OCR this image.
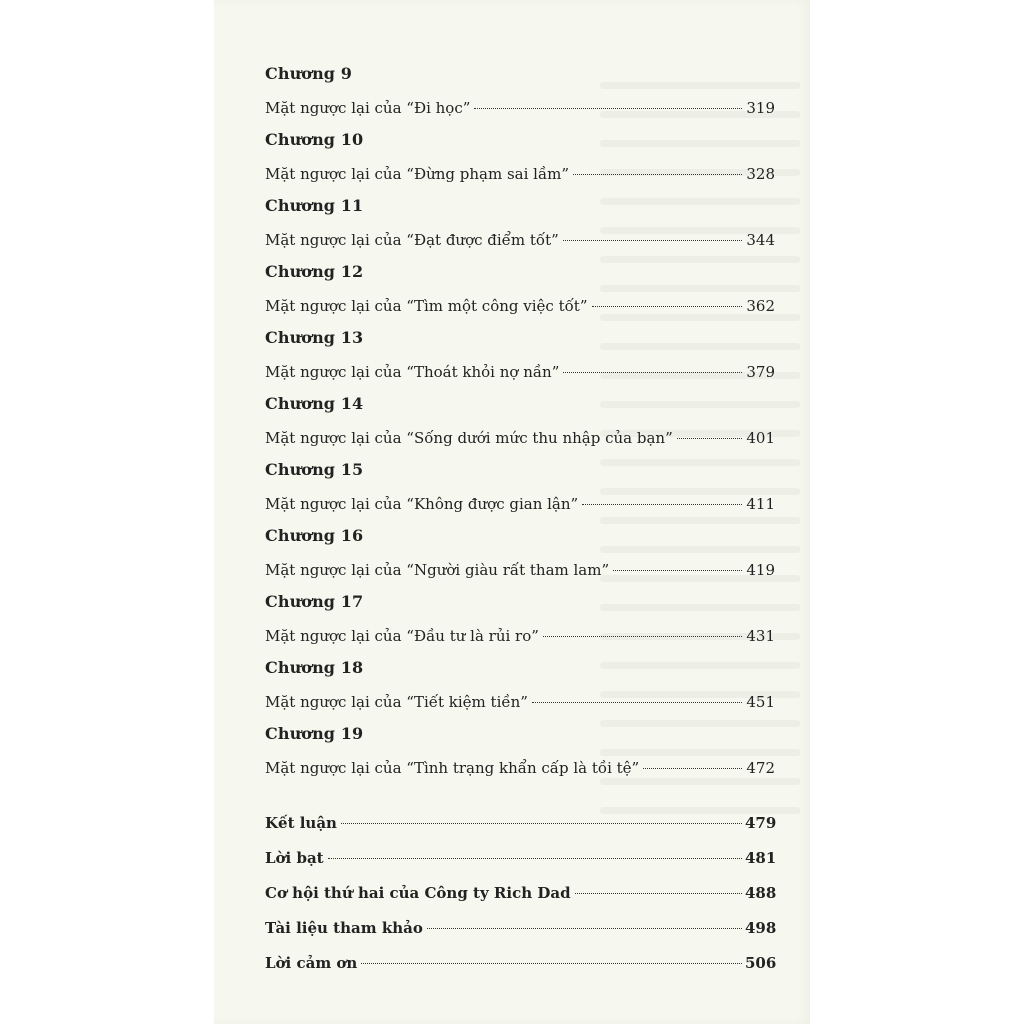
Chương 9
Mặt ngược lại của “Đi học”	319
Chương 10
Mặt ngược lại của “Đừng phạm sai lầm”	328
Chương 11
Mặt ngược lại của “Đạt được điểm tốt”	344
Chương 12
Mặt ngược lại của “Tìm một công việc tốt”	362
Chương 13
Mặt ngược lại của “Thoát khỏi nợ nần”	379
Chương 14
Mặt ngược lại của “Sống dưới mức thu nhập của bạn”	401
Chương 15
Mặt ngược lại của “Không được gian lận”	411
Chương 16
Mặt ngược lại của “Người giàu rất tham lam”	419
Chương 17
Mặt ngược lại của “Đầu tư là rủi ro”	431
Chương 18
Mặt ngược lại của “Tiết kiệm tiền”	451
Chương 19
Mặt ngược lại của “Tình trạng khẩn cấp là tồi tệ”	472
Kết luận	479
Lời bạt	481
Cơ hội thứ hai của Công ty Rich Dad	488
Tài liệu tham khảo	498
Lời cảm ơn	506
